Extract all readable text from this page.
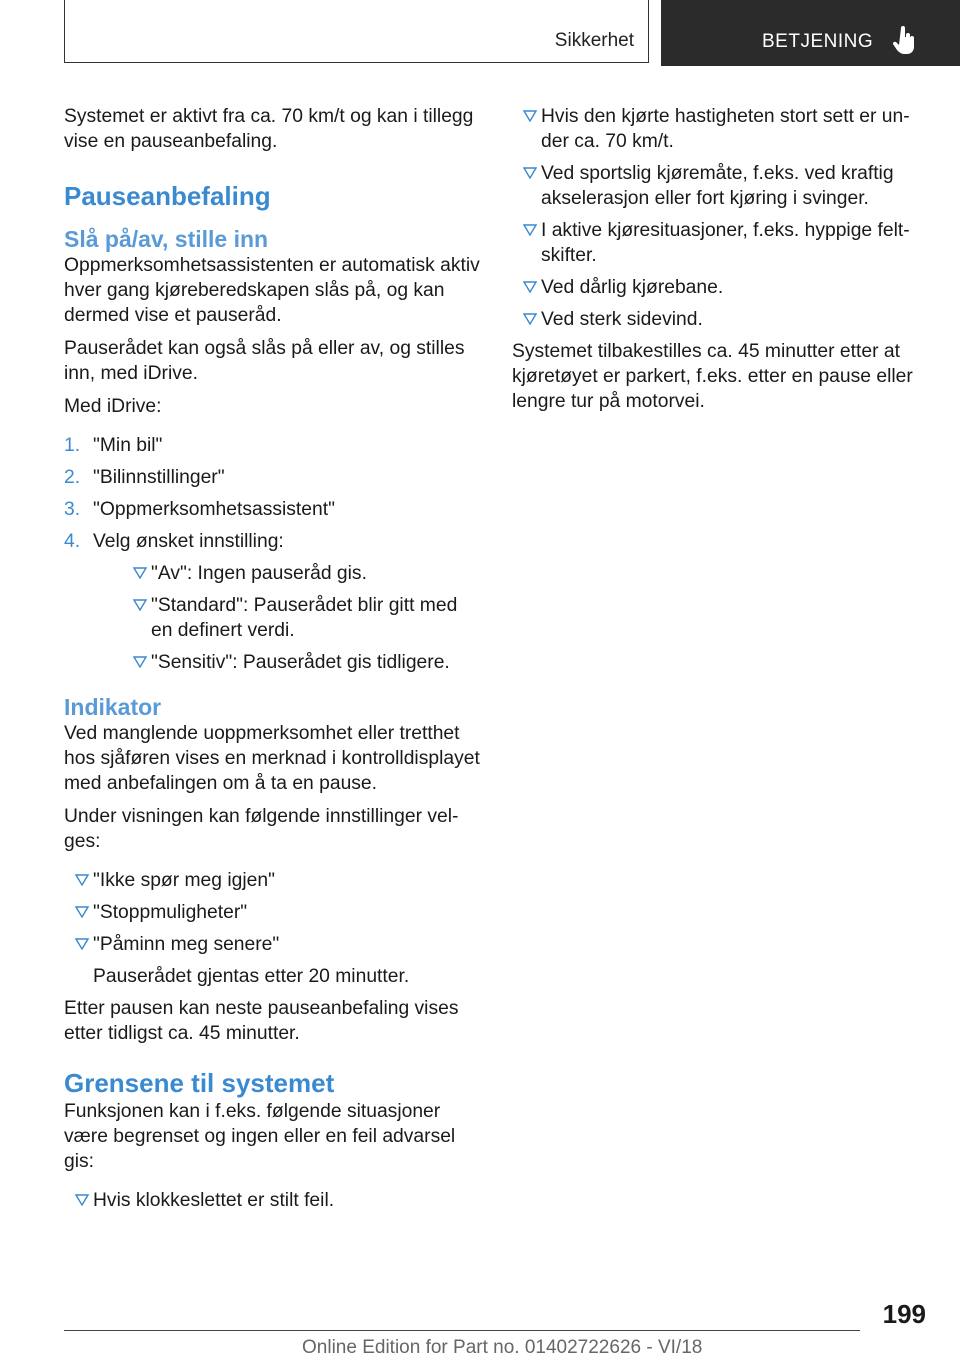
Sikkerhet	BETJENING

Systemet er aktivt fra ca. 70 km/t og kan i tillegg vise en pauseanbefaling.

Pauseanbefaling
Slå på/av, stille inn

Oppmerksomhetsassistenten er automatisk aktiv hver gang kjøreberedskapen slås på, og kan dermed vise et pauseråd.

Pauserådet kan også slås på eller av, og stilles inn, med iDrive.

Med iDrive:

1. "Min bil"

2. "Bilinnstillinger"

3. "Oppmerksomhetsassistent"

4. Velg ønsket innstilling:

"Av": Ingen pauseråd gis.

"Standard": Pauserådet blir gitt med en definert verdi.

"Sensitiv": Pauserådet gis tidligere.

Indikator

Ved manglende uoppmerksomhet eller tretthet hos sjåføren vises en merknad i kontrolldisplayet med anbefalingen om å ta en pause.

Under visningen kan følgende innstillinger velges:

"Ikke spør meg igjen"

"Stoppmuligheter"

"Påminn meg senere"

Pauserådet gjentas etter 20 minutter.

Etter pausen kan neste pauseanbefaling vises etter tidligst ca. 45 minutter.

Grensene til systemet

Funksjonen kan i f.eks. følgende situasjoner være begrenset og ingen eller en feil advarsel gis:

Hvis klokkeslettet er stilt feil.

Hvis den kjørte hastigheten stort sett er under ca. 70 km/t.

Ved sportslig kjøremåte, f.eks. ved kraftig akselerasjon eller fort kjøring i svinger.

I aktive kjøresituasjoner, f.eks. hyppige feltskifter.

Ved dårlig kjørebane.

Ved sterk sidevind.

Systemet tilbakestilles ca. 45 minutter etter at kjøretøyet er parkert, f.eks. etter en pause eller lengre tur på motorvei.

199
Online Edition for Part no. 01402722626 - VI/18
